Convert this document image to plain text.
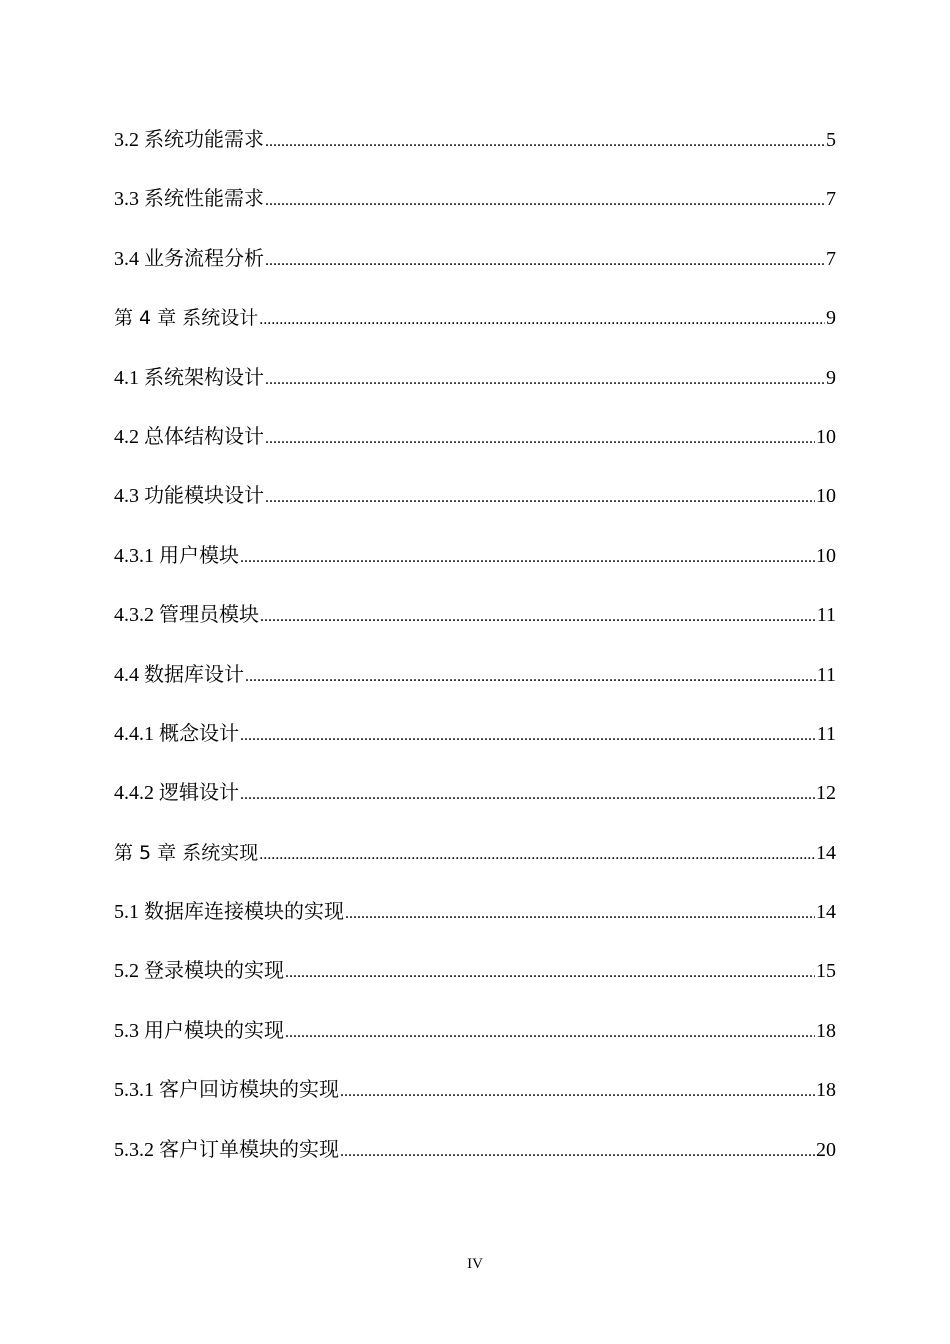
3.2 系统功能需求 .....	5
3.3 系统性能需求 .....	7
3.4 业务流程分析 .....	7
第 4 章 系统设计 .....	9
4.1 系统架构设计 .....	9
4.2 总体结构设计 .....	10
4.3 功能模块设计 .....	10
4.3.1 用户模块 .....	10
4.3.2 管理员模块 .....	11
4.4 数据库设计 .....	11
4.4.1 概念设计 .....	11
4.4.2 逻辑设计 .....	12
第 5 章 系统实现 .....	14
5.1 数据库连接模块的实现 .....	14
5.2 登录模块的实现 .....	15
5.3 用户模块的实现 .....	18
5.3.1 客户回访模块的实现 .....	18
5.3.2 客户订单模块的实现 .....	20
IV
